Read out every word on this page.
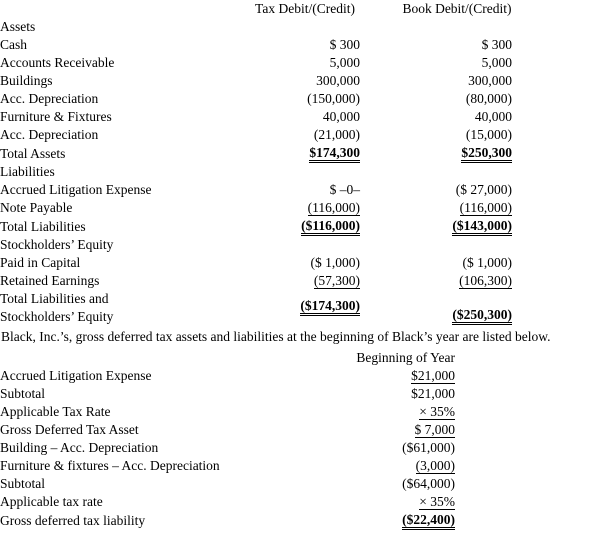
		Tax Debit/(Credit)		Book Debit/(Credit)	
Assets					
Cash		$ 300		$ 300	
Accounts Receivable		5,000		5,000	
Buildings		300,000		300,000	
Acc. Depreciation		(150,000)		(80,000)	
Furniture & Fixtures		40,000		40,000	
Acc. Depreciation		(21,000)		(15,000)	
Total Assets		$174,300		$250,300	
Liabilities					
Accrued Litigation Expense		$ –0–		($ 27,000)	
Note Payable		(116,000)		(116,000)	
Total Liabilities		($116,000)		($143,000)	
Stockholders’ Equity					
Paid in Capital		($ 1,000)		($ 1,000)	
Retained Earnings		(57,300)		(106,300)	
Total Liabilities and		($174,300)		($250,300)	
Stockholders’ Equity					
Black, Inc.’s, gross deferred tax assets and liabilities at the beginning of Black’s year are listed below.
	Beginning of Year	
Accrued Litigation Expense	$21,000	
Subtotal	$21,000	
Applicable Tax Rate	× 35%	
Gross Deferred Tax Asset	$ 7,000	
Building – Acc. Depreciation	($61,000)	
Furniture & fixtures – Acc. Depreciation	(3,000)	
Subtotal	($64,000)	
Applicable tax rate	× 35%	
Gross deferred tax liability	($22,400)	
